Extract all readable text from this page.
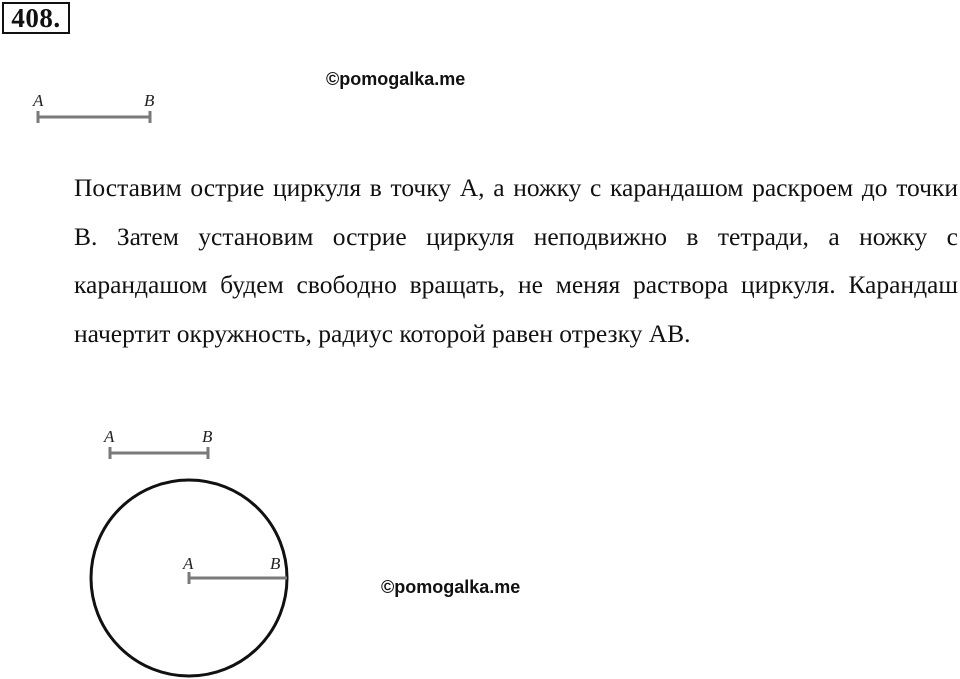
408.
©pomogalka.me
A	B
A	B
A	B

Поставим острие циркуля в точку А, а ножку с карандашом раскроем до точки В. Затем установим острие циркуля неподвижно в тетради, а ножку с карандашом будем свободно вращать, не меняя раствора циркуля. Карандаш начертит окружность, радиус которой равен отрезку АВ.

©pomogalka.me
